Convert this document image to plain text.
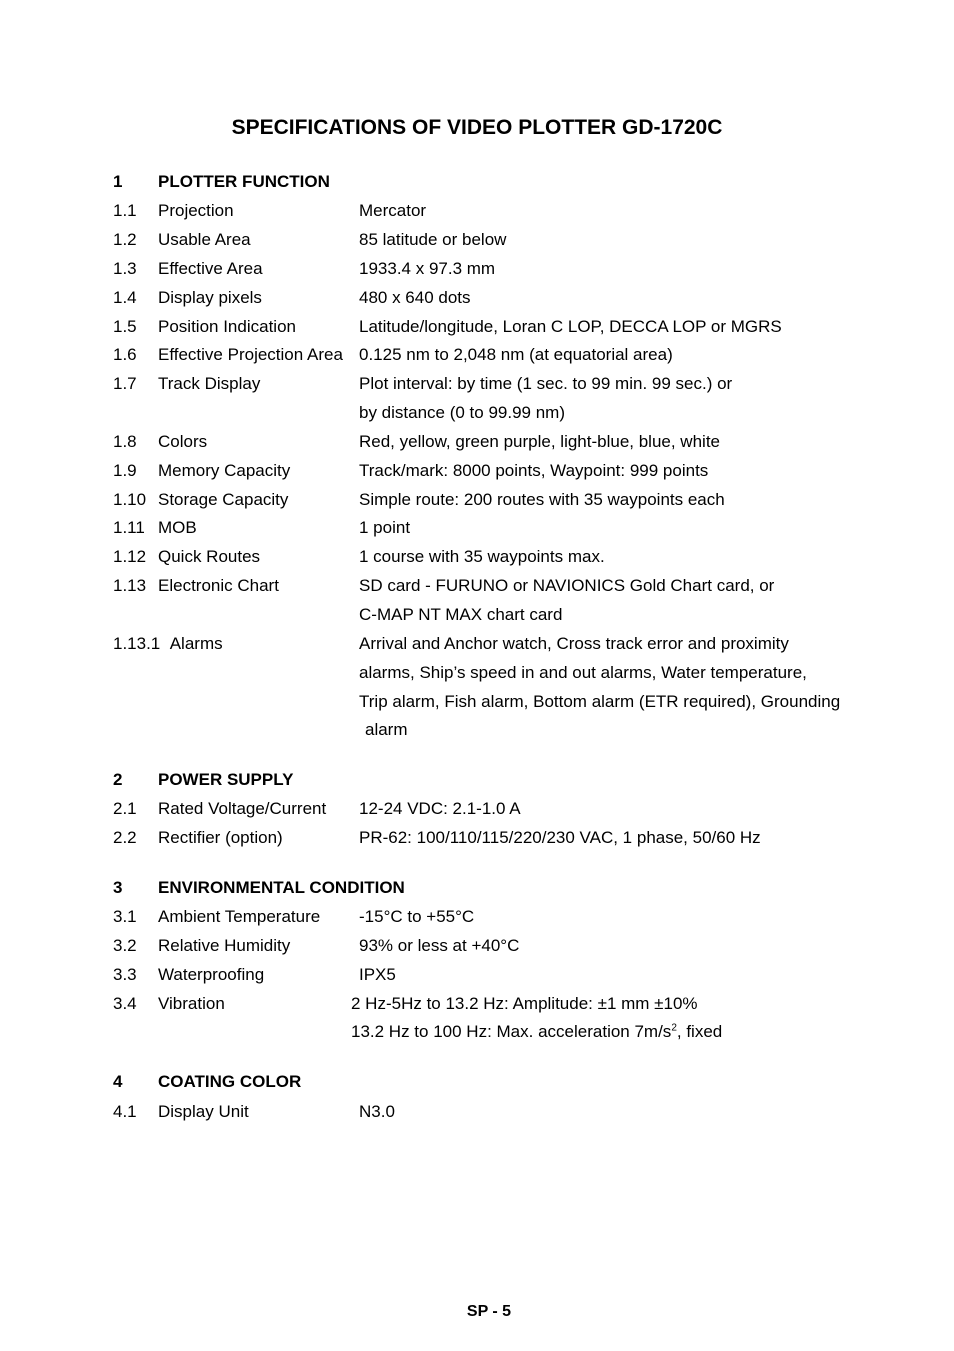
SPECIFICATIONS OF VIDEO PLOTTER GD-1720C
1 PLOTTER FUNCTION
1.1 Projection	Mercator
1.2 Usable Area	85 latitude or below
1.3 Effective Area	1933.4 x 97.3 mm
1.4 Display pixels	480 x 640 dots
1.5 Position Indication	Latitude/longitude, Loran C LOP, DECCA LOP or MGRS
1.6 Effective Projection Area 0.125 nm to 2,048 nm (at equatorial area)
1.7 Track Display	Plot interval: by time (1 sec. to 99 min. 99 sec.) or
by distance (0 to 99.99 nm)
1.8 Colors	Red, yellow, green purple, light-blue, blue, white
1.9 Memory Capacity	Track/mark: 8000 points, Waypoint: 999 points
1.10 Storage Capacity	Simple route: 200 routes with 35 waypoints each
1.11 MOB	1 point
1.12 Quick Routes	1 course with 35 waypoints max.
1.13 Electronic Chart	SD card - FURUNO or NAVIONICS Gold Chart card, or
C-MAP NT MAX chart card
1.13.1 Alarms	Arrival and Anchor watch, Cross track error and proximity
alarms, Ship’s speed in and out alarms, Water temperature,
Trip alarm, Fish alarm, Bottom alarm (ETR required), Grounding
alarm
2 POWER SUPPLY
2.1 Rated Voltage/Current 12-24 VDC: 2.1-1.0 A
2.2 Rectifier (option)	PR-62: 100/110/115/220/230 VAC, 1 phase, 50/60 Hz
3 ENVIRONMENTAL CONDITION
3.1 Ambient Temperature -15°C to +55°C
3.2 Relative Humidity	93% or less at +40°C
3.3 Waterproofing	IPX5
3.4 Vibration	2 Hz-5Hz to 13.2 Hz: Amplitude: ±1 mm ±10%
13.2 Hz to 100 Hz: Max. acceleration $7m/s^2$, fixed
4 COATING COLOR
4.1 Display Unit	N3.0
SP - 5
